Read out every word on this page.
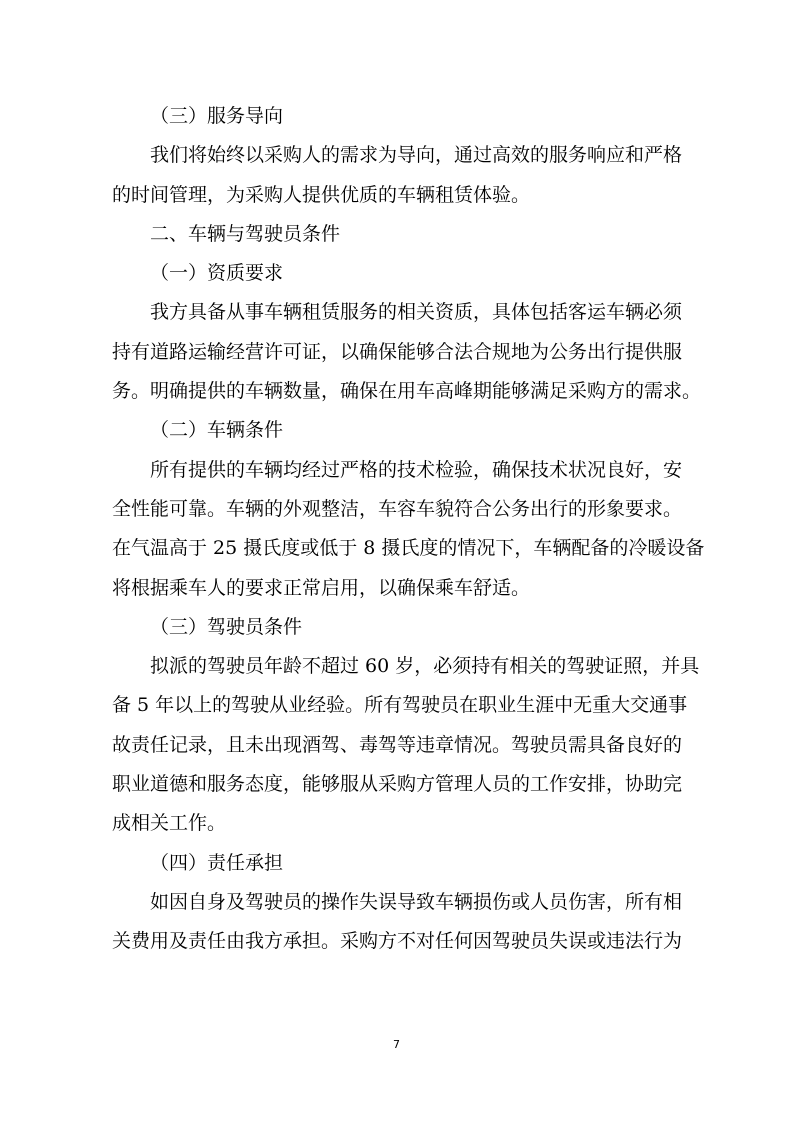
（三）服务导向
我们将始终以采购人的需求为导向，通过高效的服务响应和严格
的时间管理，为采购人提供优质的车辆租赁体验。
二、车辆与驾驶员条件
（一）资质要求
我方具备从事车辆租赁服务的相关资质，具体包括客运车辆必须
持有道路运输经营许可证，以确保能够合法合规地为公务出行提供服
务。明确提供的车辆数量，确保在用车高峰期能够满足采购方的需求。
（二）车辆条件
所有提供的车辆均经过严格的技术检验，确保技术状况良好，安
全性能可靠。车辆的外观整洁，车容车貌符合公务出行的形象要求。
在气温高于 25 摄氏度或低于 8 摄氏度的情况下，车辆配备的冷暖设备
将根据乘车人的要求正常启用，以确保乘车舒适。
（三）驾驶员条件
拟派的驾驶员年龄不超过 60 岁，必须持有相关的驾驶证照，并具
备 5 年以上的驾驶从业经验。所有驾驶员在职业生涯中无重大交通事
故责任记录，且未出现酒驾、毒驾等违章情况。驾驶员需具备良好的
职业道德和服务态度，能够服从采购方管理人员的工作安排，协助完
成相关工作。
（四）责任承担
如因自身及驾驶员的操作失误导致车辆损伤或人员伤害，所有相
关费用及责任由我方承担。采购方不对任何因驾驶员失误或违法行为
7
